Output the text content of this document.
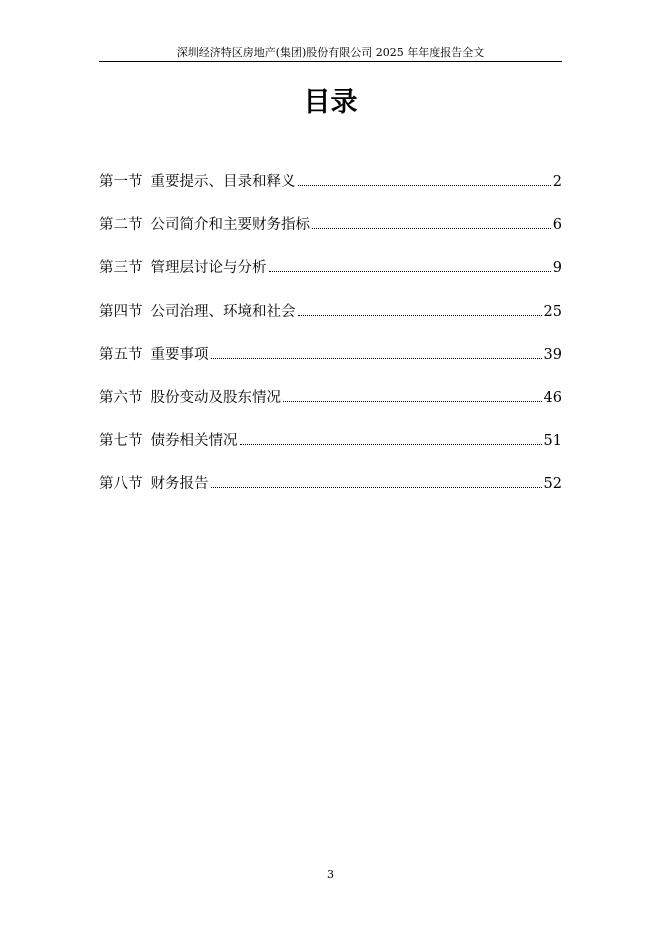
深圳经济特区房地产(集团)股份有限公司 2025 年年度报告全文
目录
第一节 重要提示、目录和释义	2
第二节 公司简介和主要财务指标	6
第三节 管理层讨论与分析	9
第四节 公司治理、环境和社会	25
第五节 重要事项	39
第六节 股份变动及股东情况	46
第七节 债券相关情况	51
第八节 财务报告	52
3
